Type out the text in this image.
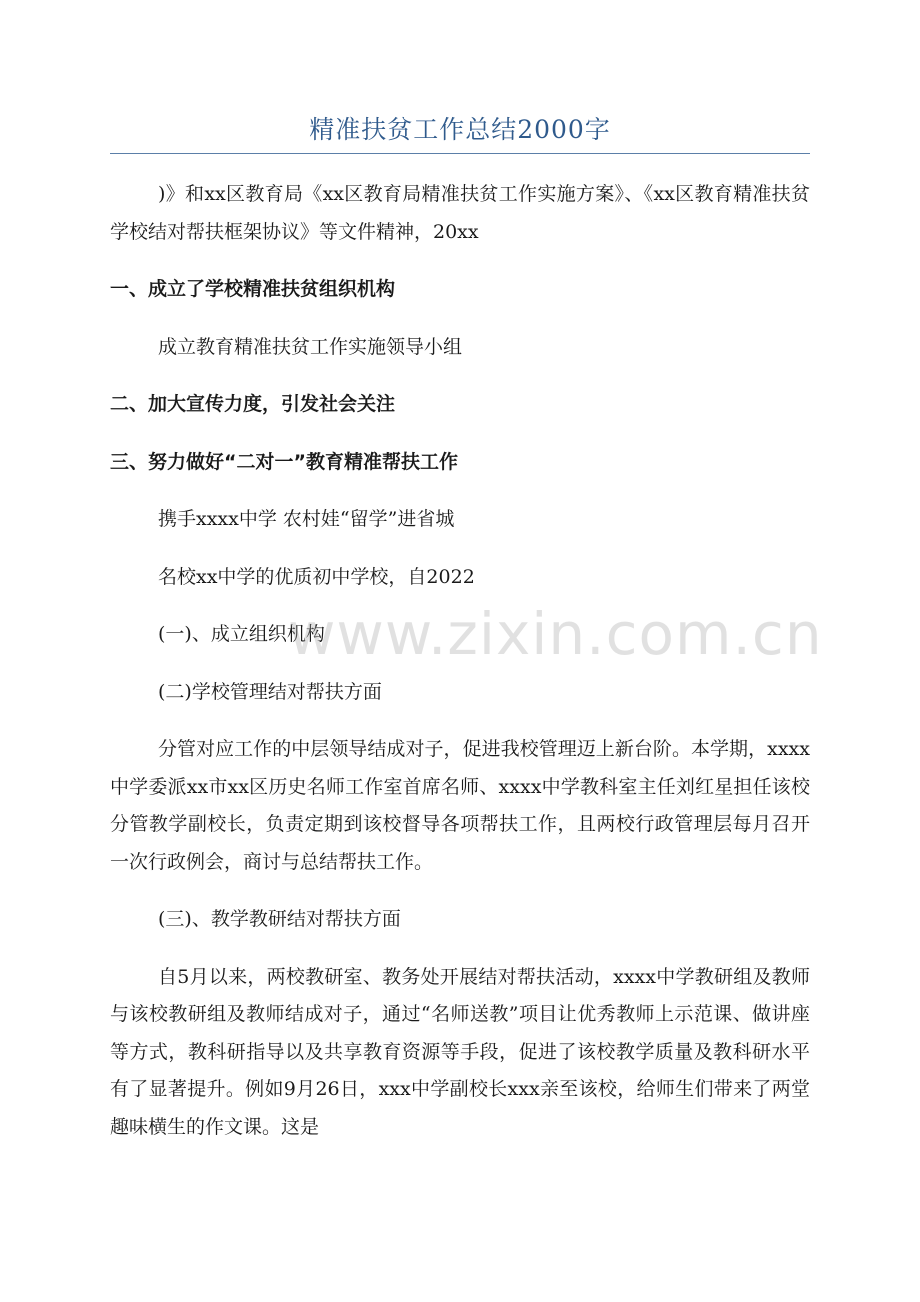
精准扶贫工作总结2000字

)》和xx区教育局《xx区教育局精准扶贫工作实施方案》、《xx区教育精准扶贫学校结对帮扶框架协议》等文件精神，20xx

一、成立了学校精准扶贫组织机构

成立教育精准扶贫工作实施领导小组

二、加大宣传力度，引发社会关注

三、努力做好“二对一”教育精准帮扶工作

携手xxxx中学 农村娃“留学”进省城

名校xx中学的优质初中学校，自2022

(一)、成立组织机构

(二)学校管理结对帮扶方面

分管对应工作的中层领导结成对子，促进我校管理迈上新台阶。本学期，xxxx中学委派xx市xx区历史名师工作室首席名师、xxxx中学教科室主任刘红星担任该校分管教学副校长，负责定期到该校督导各项帮扶工作，且两校行政管理层每月召开一次行政例会，商讨与总结帮扶工作。

(三)、教学教研结对帮扶方面

自5月以来，两校教研室、教务处开展结对帮扶活动，xxxx中学教研组及教师与该校教研组及教师结成对子，通过“名师送教”项目让优秀教师上示范课、做讲座等方式，教科研指导以及共享教育资源等手段，促进了该校教学质量及教科研水平有了显著提升。例如9月26日，xxx中学副校长xxx亲至该校，给师生们带来了两堂趣味横生的作文课。这是

www.zixin.com.cn
